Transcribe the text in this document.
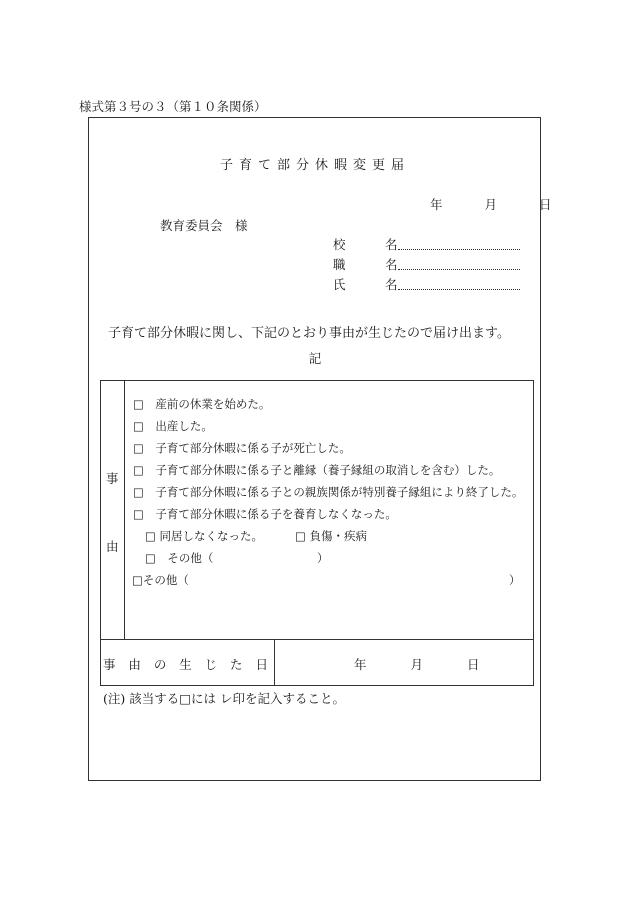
様式第３号の３（第１０条関係）
子育て部分休暇変更届
年	月	日
教育委員会　様
校	名
職	名
氏	名
子育て部分休暇に関し、下記のとおり事由が生じたので届け出ます。
記
事
由
□　産前の休業を始めた。
□　出産した。
□　子育て部分休暇に係る子が死亡した。
□　子育て部分休暇に係る子と離縁（養子縁組の取消しを含む）した。
□　子育て部分休暇に係る子との親族関係が特別養子縁組により終了した。
□　子育て部分休暇に係る子を養育しなくなった。
□ 同居しなくなった。	□ 負傷・疾病
□　その他（	）
□その他（	）
事 由 の 生 じ た 日	年	月	日
(注) 該当する□には レ印を記入すること。
